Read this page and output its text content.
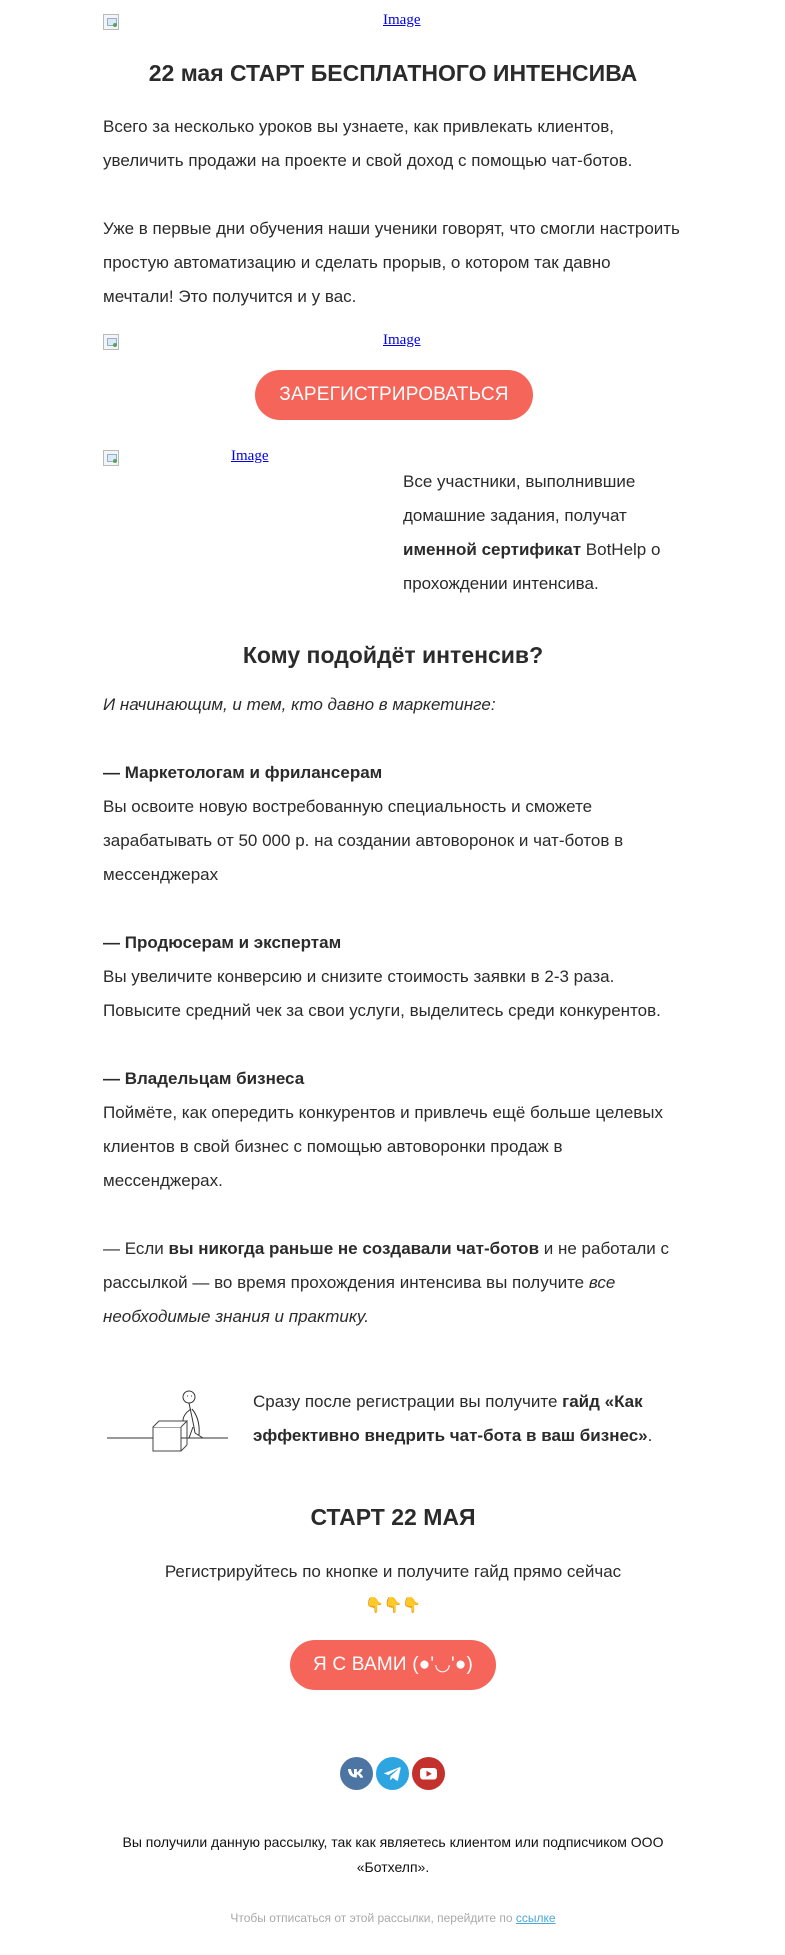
Image
22 мая СТАРТ БЕСПЛАТНОГО ИНТЕНСИВА
Всего за несколько уроков вы узнаете, как привлекать клиентов,
увеличить продажи на проекте и свой доход с помощью чат-ботов.
Уже в первые дни обучения наши ученики говорят, что смогли настроить
простую автоматизацию и сделать прорыв, о котором так давно
мечтали! Это получится и у вас.
Image
ЗАРЕГИСТРИРОВАТЬСЯ
Image
Все участники, выполнившие
домашние задания, получат
именной сертификат BotHelp о
прохождении интенсива.
Кому подойдёт интенсив?
И начинающим, и тем, кто давно в маркетинге:
— Маркетологам и фрилансерам
Вы освоите новую востребованную специальность и сможете
зарабатывать от 50 000 р. на создании автоворонок и чат-ботов в
мессенджерах
— Продюсерам и экспертам
Вы увеличите конверсию и снизите стоимость заявки в 2-3 раза.
Повысите средний чек за свои услуги, выделитесь среди конкурентов.
— Владельцам бизнеса
Поймёте, как опередить конкурентов и привлечь ещё больше целевых
клиентов в свой бизнес с помощью автоворонки продаж в
мессенджерах.
— Если вы никогда раньше не создавали чат-ботов и не работали с
рассылкой — во время прохождения интенсива вы получите все
необходимые знания и практику.
Сразу после регистрации вы получите гайд «Как
эффективно внедрить чат-бота в ваш бизнес».
СТАРТ 22 МАЯ
Регистрируйтесь по кнопке и получите гайд прямо сейчас
👇👇👇
Я С ВАМИ (●'◡'●)
Вы получили данную рассылку, так как являетесь клиентом или подписчиком ООО
«Ботхелп».
Чтобы отписаться от этой рассылки, перейдите по ссылке
